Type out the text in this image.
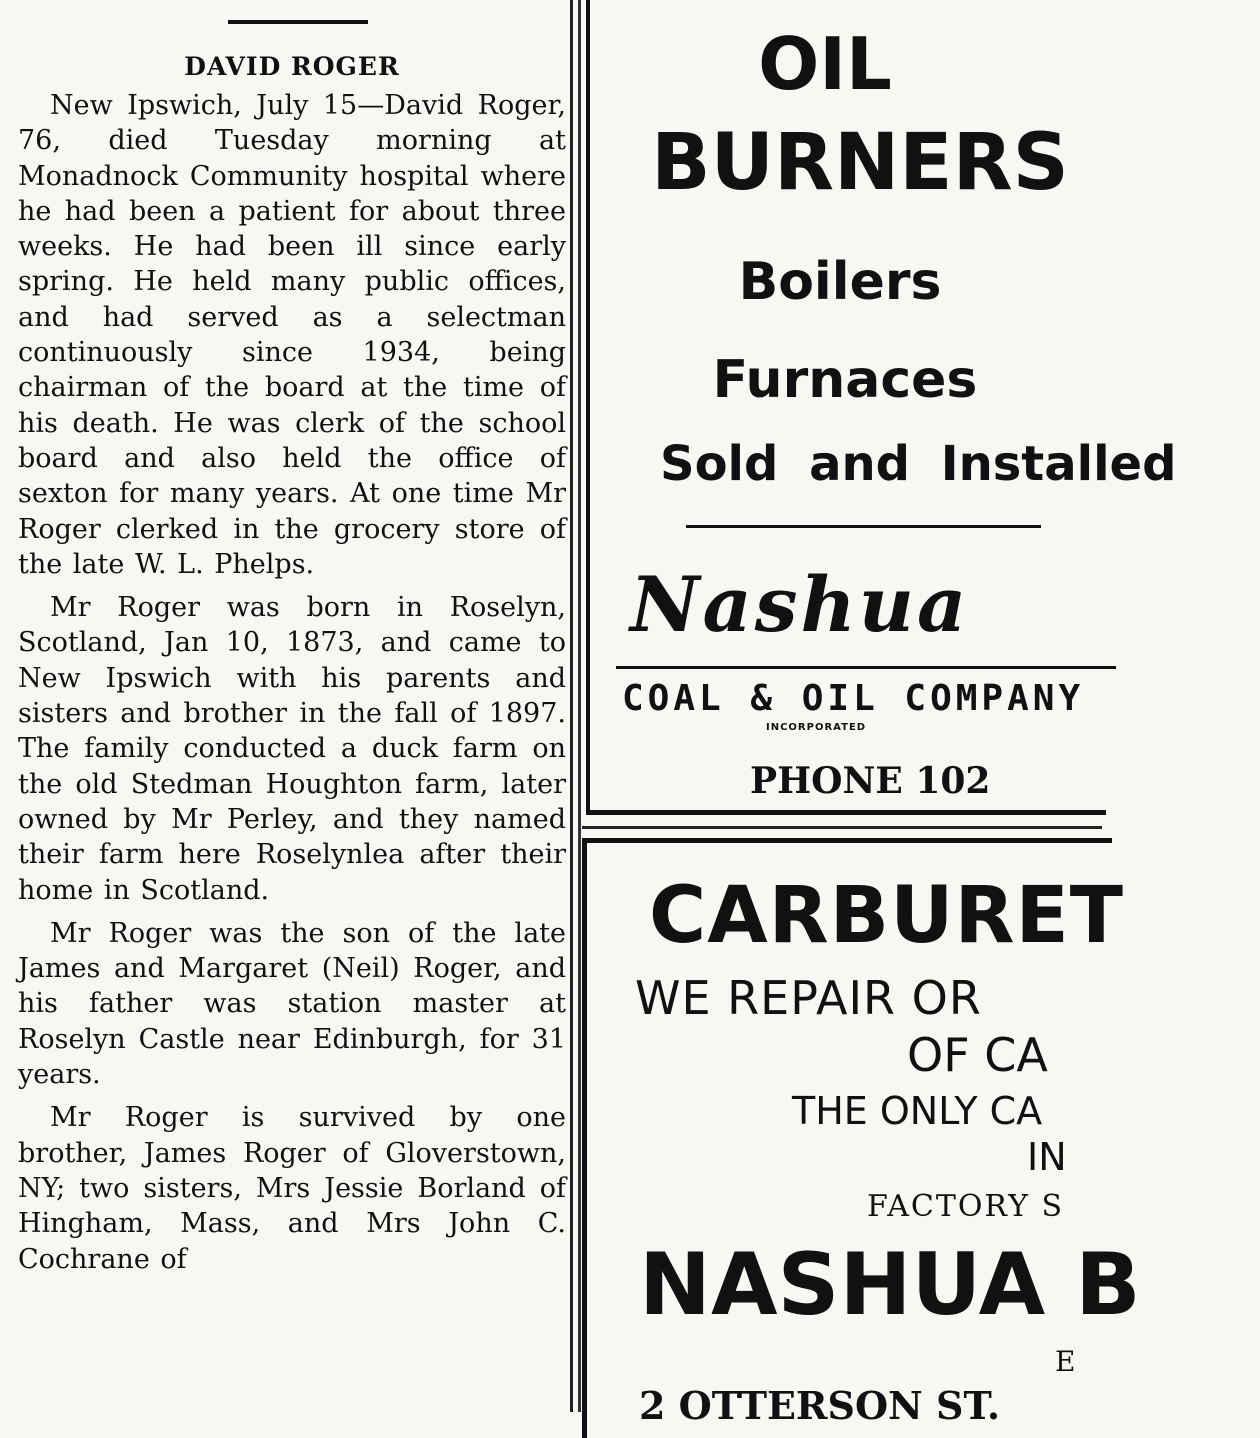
DAVID ROGER

New Ipswich, July 15—David Roger, 76, died Tuesday morning at Monadnock Community hospital where he had been a patient for about three weeks. He had been ill since early spring. He held many public offices, and had served as a selectman continuously since 1934, being chairman of the board at the time of his death. He was clerk of the school board and also held the office of sexton for many years. At one time Mr Roger clerked in the grocery store of the late W. L. Phelps.

Mr Roger was born in Roselyn, Scotland, Jan 10, 1873, and came to New Ipswich with his parents and sisters and brother in the fall of 1897. The family conducted a duck farm on the old Stedman Houghton farm, later owned by Mr Perley, and they named their farm here Roselynlea after their home in Scotland.

Mr Roger was the son of the late James and Margaret (Neil) Roger, and his father was station master at Roselyn Castle near Edinburgh, for 31 years.

Mr Roger is survived by one brother, James Roger of Gloverstown, NY; two sisters, Mrs Jessie Borland of Hingham, Mass, and Mrs John C. Cochrane of

OIL
BURNERS
Boilers
Furnaces
Sold and Installed
Nashua
COAL & OIL COMPANY
INCORPORATED
PHONE 102
CARBURET
WE REPAIR OR
OF CA
THE ONLY CA
IN
FACTORY S
NASHUA B
E
2 OTTERSON ST.
